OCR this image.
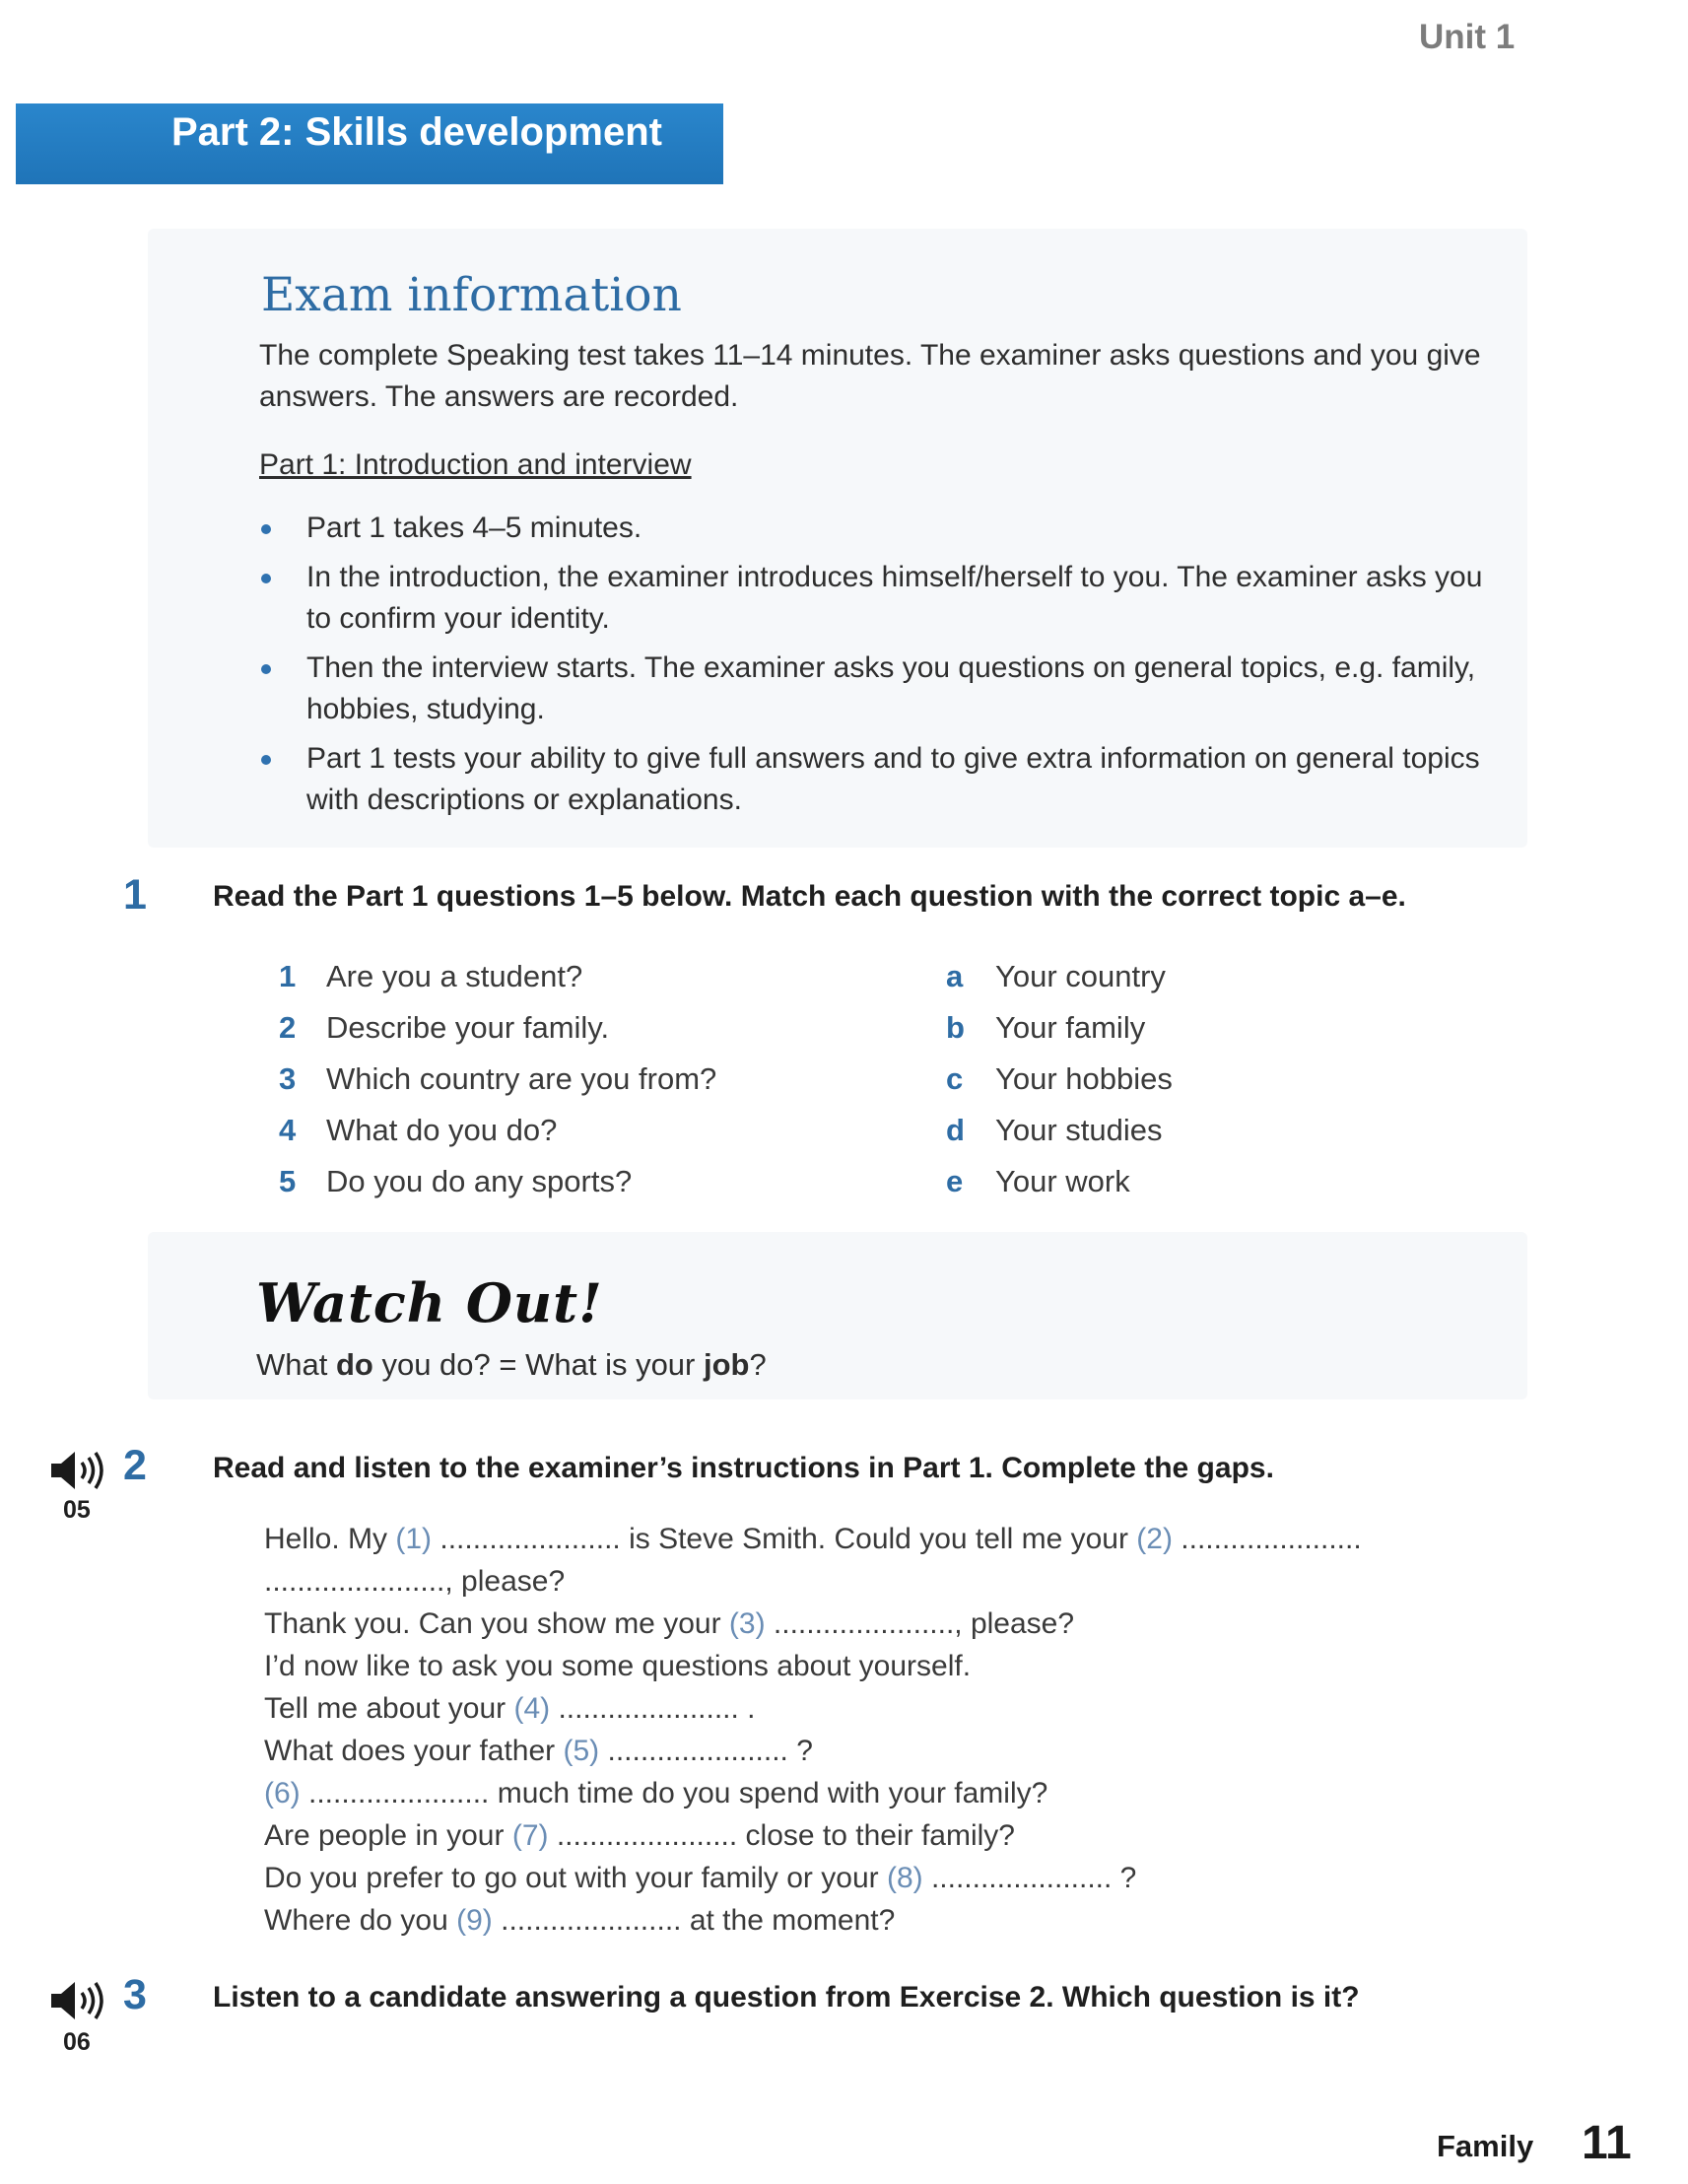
Unit 1
Part 2: Skills development
Exam information
The complete Speaking test takes 11–14 minutes. The examiner asks questions and you give answers. The answers are recorded.
Part 1: Introduction and interview
Part 1 takes 4–5 minutes.
In the introduction, the examiner introduces himself/herself to you. The examiner asks you to confirm your identity.
Then the interview starts. The examiner asks you questions on general topics, e.g. family, hobbies, studying.
Part 1 tests your ability to give full answers and to give extra information on general topics with descriptions or explanations.
1 Read the Part 1 questions 1–5 below. Match each question with the correct topic a–e.
1 Are you a student?
2 Describe your family.
3 Which country are you from?
4 What do you do?
5 Do you do any sports?
a	Your country
b	Your family
c	Your hobbies
d	Your studies
e	Your work
Watch Out!
What do you do? = What is your job?
05
2 Read and listen to the examiner’s instructions in Part 1. Complete the gaps.

Hello. My (1) ...................... is Steve Smith. Could you tell me your (2) ......................

......................, please?

Thank you. Can you show me your (3) ......................, please?

I’d now like to ask you some questions about yourself.

Tell me about your (4) ...................... .

What does your father (5) ...................... ?

(6) ...................... much time do you spend with your family?

Are people in your (7) ...................... close to their family?

Do you prefer to go out with your family or your (8) ...................... ?

Where do you (9) ...................... at the moment?

06
3 Listen to a candidate answering a question from Exercise 2. Which question is it?
Family 11
